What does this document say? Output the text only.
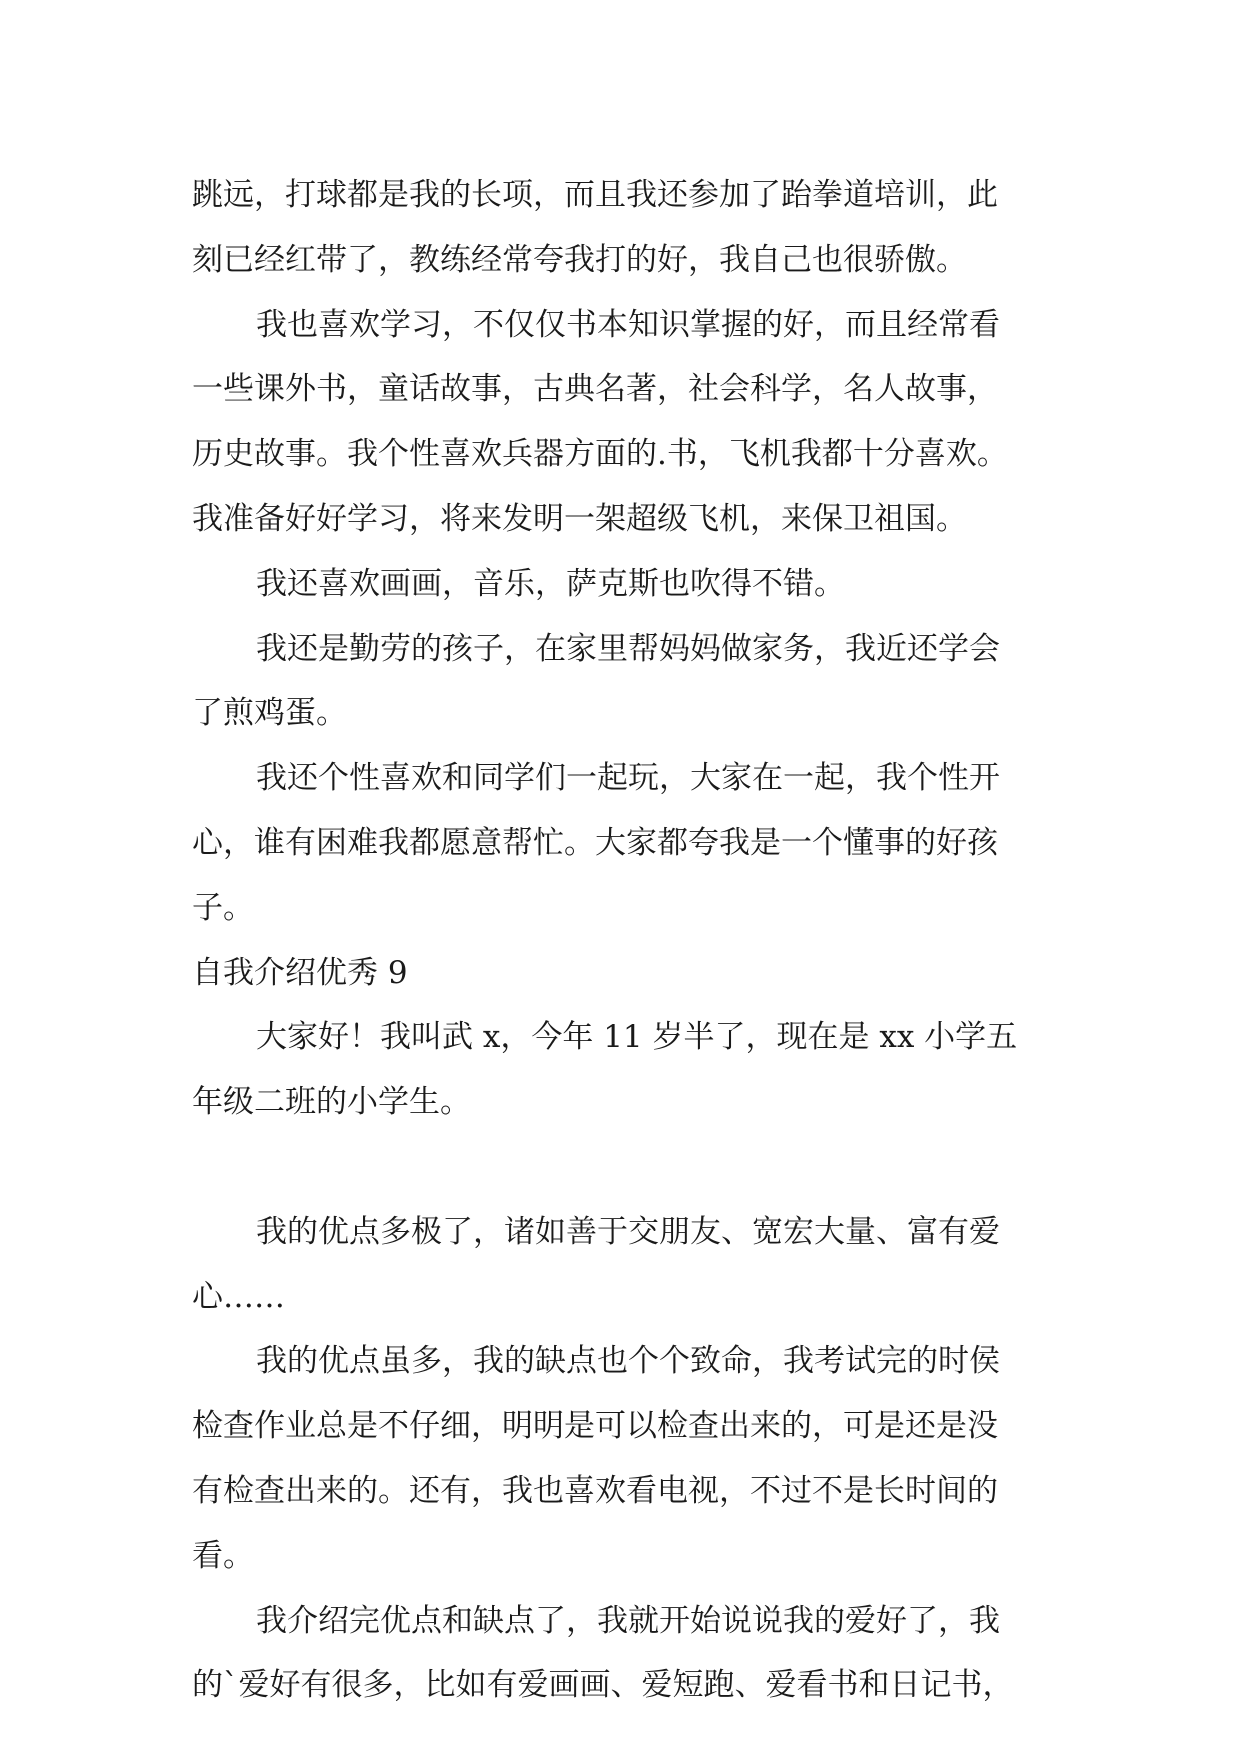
跳远，打球都是我的长项，而且我还参加了跆拳道培训，此
刻已经红带了，教练经常夸我打的好，我自己也很骄傲。
我也喜欢学习，不仅仅书本知识掌握的好，而且经常看
一些课外书，童话故事，古典名著，社会科学，名人故事，
历史故事。我个性喜欢兵器方面的.书，飞机我都十分喜欢。
我准备好好学习，将来发明一架超级飞机，来保卫祖国。
我还喜欢画画，音乐，萨克斯也吹得不错。
我还是勤劳的孩子，在家里帮妈妈做家务，我近还学会
了煎鸡蛋。
我还个性喜欢和同学们一起玩，大家在一起，我个性开
心，谁有困难我都愿意帮忙。大家都夸我是一个懂事的好孩
子。
自我介绍优秀 9
大家好！我叫武 x，今年 11 岁半了，现在是 xx 小学五
年级二班的小学生。
我的优点多极了，诸如善于交朋友、宽宏大量、富有爱
心……
我的优点虽多，我的缺点也个个致命，我考试完的时侯
检查作业总是不仔细，明明是可以检查出来的，可是还是没
有检查出来的。还有，我也喜欢看电视，不过不是长时间的
看。
我介绍完优点和缺点了，我就开始说说我的爱好了，我
的`爱好有很多，比如有爱画画、爱短跑、爱看书和日记书，
